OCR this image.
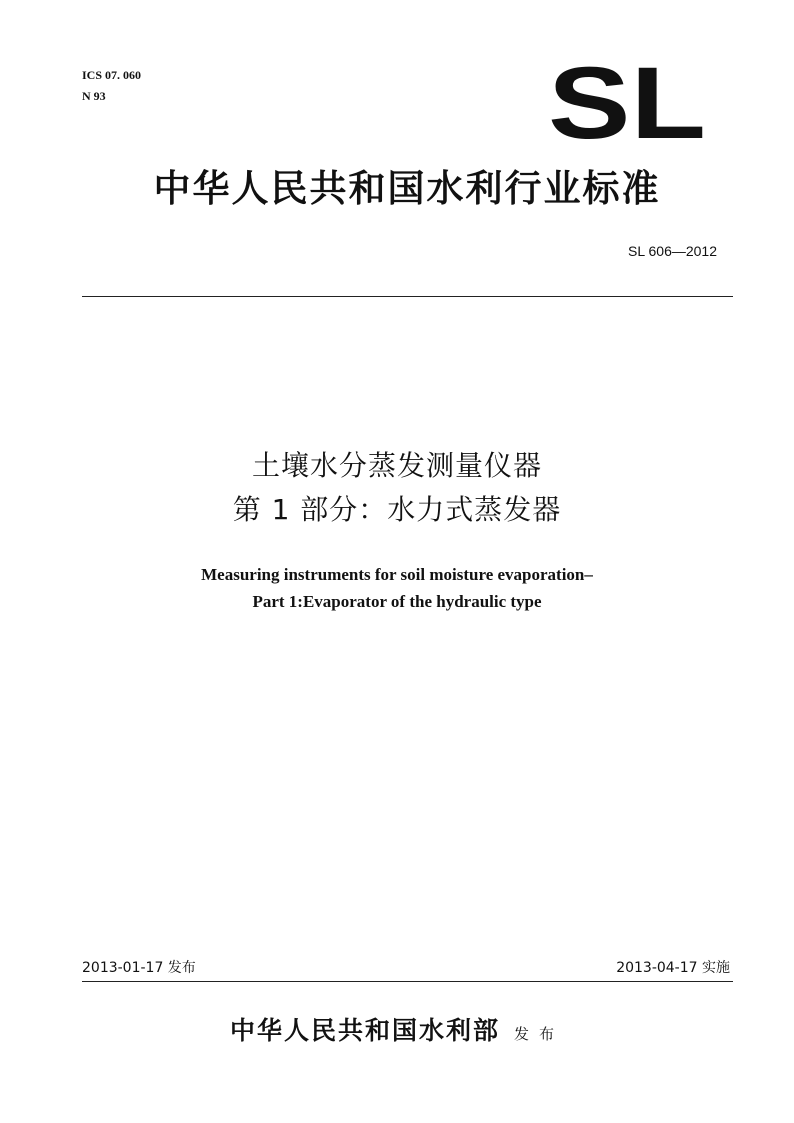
ICS 07. 060
N 93	SL
中华人民共和国水利行业标准
SL 606—2012
土壤水分蒸发测量仪器
第 1 部分：水力式蒸发器
Measuring instruments for soil moisture evaporation–
Part 1:Evaporator of the hydraulic type
2013-01-17 发布	2013-04-17 实施
中华人民共和国水利部 发布
